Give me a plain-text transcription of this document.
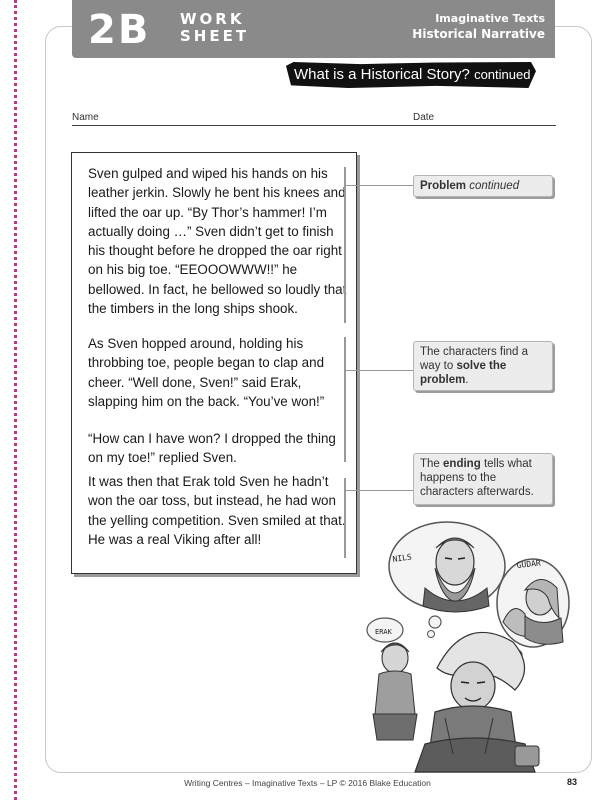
2B WORK
SHEET
Imaginative Texts
Historical Narrative
What is a Historical Story? continued
Name	Date

Sven gulped and wiped his hands on his leather jerkin. Slowly he bent his knees and lifted the oar up. “By Thor’s hammer! I’m actually doing …” Sven didn’t get to finish his thought before he dropped the oar right on his big toe. “EEOOOWWW!!” he bellowed. In fact, he bellowed so loudly that the timbers in the long ships shook.

As Sven hopped around, holding his throbbing toe, people began to clap and cheer. “Well done, Sven!” said Erak, slapping him on the back. “You’ve won!”

“How can I have won? I dropped the thing on my toe!” replied Sven.

It was then that Erak told Sven he hadn’t won the oar toss, but instead, he had won the yelling competition. Sven smiled at that. He was a real Viking after all!

Problem continued
The characters find a way to solve the problem.
The ending tells what happens to the characters afterwards.
NILS
GUDAR
ERAK
Writing Centres – Imaginative Texts – LP © 2016 Blake Education	83
